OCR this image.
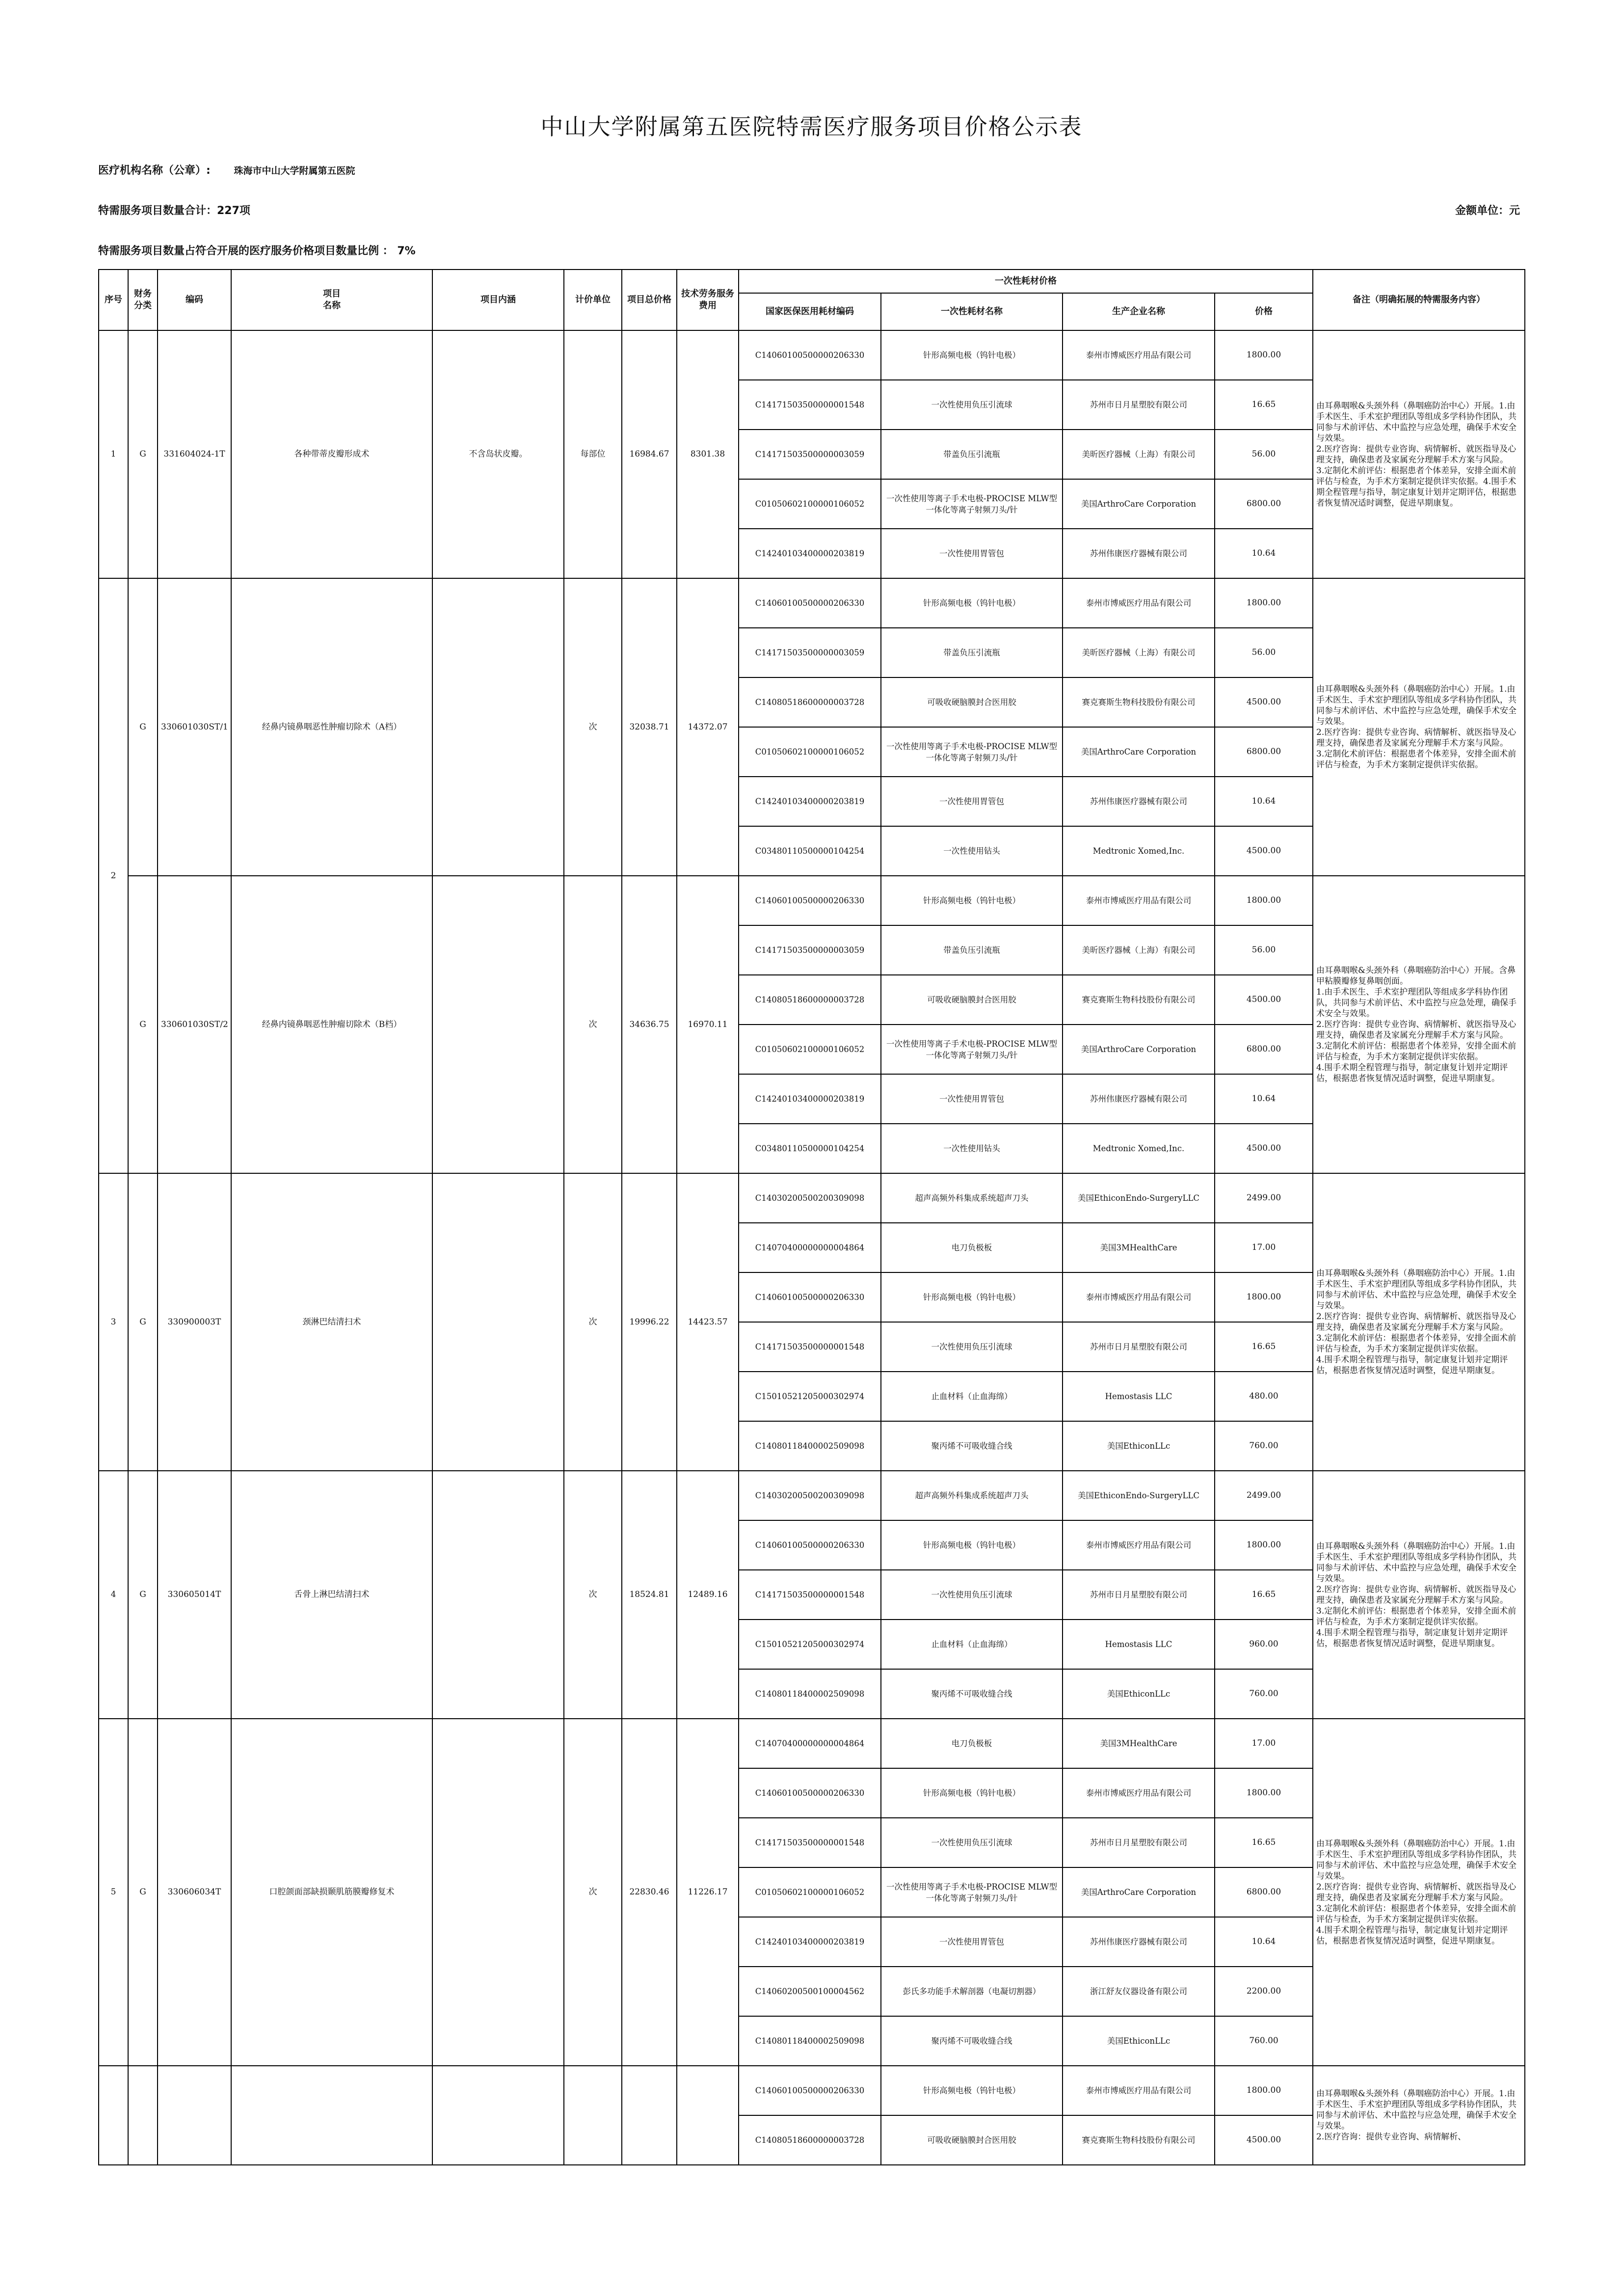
中山大学附属第五医院特需医疗服务项目价格公示表
医疗机构名称（公章）:	珠海市中山大学附属第五医院
特需服务项目数量合计：227项	金额单位：元
特需服务项目数量占符合开展的医疗服务价格项目数量比例 ： 7%
序号	财务分类	编码	项目
名称	项目内涵	计价单位	项目总价格	技术劳务服务费用	一次性耗材价格				备注（明确拓展的特需服务内容）
								国家医保医用耗材编码	一次性耗材名称	生产企业名称	价格	
1	G	331604024-1T	各种带蒂皮瓣形成术	不含岛状皮瓣。	每部位	16984.67	8301.38	C14060100500000206330	针形高频电极（钨针电极）	泰州市博威医疗用品有限公司	1800.00	由耳鼻咽喉&头颈外科（鼻咽癌防治中心）开展。1.由手术医生、手术室护理团队等组成多学科协作团队，共同参与术前评估、术中监控与应急处理，确保手术安全与效果。
2.医疗咨询：提供专业咨询、病情解析、就医指导及心理支持，确保患者及家属充分理解手术方案与风险。
3.定制化术前评估：根据患者个体差异，安排全面术前评估与检查，为手术方案制定提供详实依据。4.围手术期全程管理与指导，制定康复计划并定期评估，根据患者恢复情况适时调整，促进早期康复。

								C14171503500000001548	一次性使用负压引流球	苏州市日月星塑胶有限公司	16.65	
								C14171503500000003059	带盖负压引流瓶	美昕医疗器械（上海）有限公司	56.00	
								C01050602100000106052	一次性使用等离子手术电极-PROCISE MLW型一体化等离子射频刀头/针	美国ArthroCare Corporation	6800.00	
								C14240103400000203819	一次性使用胃管包	苏州伟康医疗器械有限公司	10.64	
2	G	330601030ST/1	经鼻内镜鼻咽恶性肿瘤切除术（A档）		次	32038.71	14372.07	C14060100500000206330	针形高频电极（钨针电极）	泰州市博威医疗用品有限公司	1800.00	由耳鼻咽喉&头颈外科（鼻咽癌防治中心）开展。1.由手术医生、手术室护理团队等组成多学科协作团队，共同参与术前评估、术中监控与应急处理，确保手术安全与效果。
2.医疗咨询：提供专业咨询、病情解析、就医指导及心理支持，确保患者及家属充分理解手术方案与风险。
3.定制化术前评估：根据患者个体差异，安排全面术前评估与检查，为手术方案制定提供详实依据。

								C14171503500000003059	带盖负压引流瓶	美昕医疗器械（上海）有限公司	56.00	
								C14080518600000003728	可吸收硬脑膜封合医用胶	赛克赛斯生物科技股份有限公司	4500.00	
								C01050602100000106052	一次性使用等离子手术电极-PROCISE MLW型一体化等离子射频刀头/针	美国ArthroCare Corporation	6800.00	
								C14240103400000203819	一次性使用胃管包	苏州伟康医疗器械有限公司	10.64	
								C03480110500000104254	一次性使用钻头	Medtronic Xomed,Inc.	4500.00	
	G	330601030ST/2	经鼻内镜鼻咽恶性肿瘤切除术（B档）		次	34636.75	16970.11	C14060100500000206330	针形高频电极（钨针电极）	泰州市博威医疗用品有限公司	1800.00	由耳鼻咽喉&头颈外科（鼻咽癌防治中心）开展。含鼻甲粘膜瓣修复鼻咽创面。
1.由手术医生、手术室护理团队等组成多学科协作团队，共同参与术前评估、术中监控与应急处理，确保手术安全与效果。
2.医疗咨询：提供专业咨询、病情解析、就医指导及心理支持，确保患者及家属充分理解手术方案与风险。
3.定制化术前评估：根据患者个体差异，安排全面术前评估与检查，为手术方案制定提供详实依据。
4.围手术期全程管理与指导，制定康复计划并定期评估，根据患者恢复情况适时调整，促进早期康复。

								C14171503500000003059	带盖负压引流瓶	美昕医疗器械（上海）有限公司	56.00	
								C14080518600000003728	可吸收硬脑膜封合医用胶	赛克赛斯生物科技股份有限公司	4500.00	
								C01050602100000106052	一次性使用等离子手术电极-PROCISE MLW型一体化等离子射频刀头/针	美国ArthroCare Corporation	6800.00	
								C14240103400000203819	一次性使用胃管包	苏州伟康医疗器械有限公司	10.64	
								C03480110500000104254	一次性使用钻头	Medtronic Xomed,Inc.	4500.00	
3	G	330900003T	颈淋巴结清扫术		次	19996.22	14423.57	C14030200500200309098	超声高频外科集成系统超声刀头	美国EthiconEndo-SurgeryLLC	2499.00	由耳鼻咽喉&头颈外科（鼻咽癌防治中心）开展。1.由手术医生、手术室护理团队等组成多学科协作团队，共同参与术前评估、术中监控与应急处理，确保手术安全与效果。
2.医疗咨询：提供专业咨询、病情解析、就医指导及心理支持，确保患者及家属充分理解手术方案与风险。
3.定制化术前评估：根据患者个体差异，安排全面术前评估与检查，为手术方案制定提供详实依据。
4.围手术期全程管理与指导，制定康复计划并定期评估，根据患者恢复情况适时调整，促进早期康复。

								C14070400000000004864	电刀负极板	美国3MHealthCare	17.00	
								C14060100500000206330	针形高频电极（钨针电极）	泰州市博威医疗用品有限公司	1800.00	
								C14171503500000001548	一次性使用负压引流球	苏州市日月星塑胶有限公司	16.65	
								C15010521205000302974	止血材料（止血海绵）	Hemostasis LLC	480.00	
								C14080118400002509098	聚丙烯不可吸收缝合线	美国EthiconLLc	760.00	
4	G	330605014T	舌骨上淋巴结清扫术		次	18524.81	12489.16	C14030200500200309098	超声高频外科集成系统超声刀头	美国EthiconEndo-SurgeryLLC	2499.00	由耳鼻咽喉&头颈外科（鼻咽癌防治中心）开展。1.由手术医生、手术室护理团队等组成多学科协作团队，共同参与术前评估、术中监控与应急处理，确保手术安全与效果。
2.医疗咨询：提供专业咨询、病情解析、就医指导及心理支持，确保患者及家属充分理解手术方案与风险。
3.定制化术前评估：根据患者个体差异，安排全面术前评估与检查，为手术方案制定提供详实依据。
4.围手术期全程管理与指导，制定康复计划并定期评估，根据患者恢复情况适时调整，促进早期康复。

								C14060100500000206330	针形高频电极（钨针电极）	泰州市博威医疗用品有限公司	1800.00	
								C14171503500000001548	一次性使用负压引流球	苏州市日月星塑胶有限公司	16.65	
								C15010521205000302974	止血材料（止血海绵）	Hemostasis LLC	960.00	
								C14080118400002509098	聚丙烯不可吸收缝合线	美国EthiconLLc	760.00	
5	G	330606034T	口腔颌面部缺损颞肌筋膜瓣修复术		次	22830.46	11226.17	C14070400000000004864	电刀负极板	美国3MHealthCare	17.00	由耳鼻咽喉&头颈外科（鼻咽癌防治中心）开展。1.由手术医生、手术室护理团队等组成多学科协作团队，共同参与术前评估、术中监控与应急处理，确保手术安全与效果。
2.医疗咨询：提供专业咨询、病情解析、就医指导及心理支持，确保患者及家属充分理解手术方案与风险。
3.定制化术前评估：根据患者个体差异，安排全面术前评估与检查，为手术方案制定提供详实依据。
4.围手术期全程管理与指导，制定康复计划并定期评估，根据患者恢复情况适时调整，促进早期康复。

								C14060100500000206330	针形高频电极（钨针电极）	泰州市博威医疗用品有限公司	1800.00	
								C14171503500000001548	一次性使用负压引流球	苏州市日月星塑胶有限公司	16.65	
								C01050602100000106052	一次性使用等离子手术电极-PROCISE MLW型一体化等离子射频刀头/针	美国ArthroCare Corporation	6800.00	
								C14240103400000203819	一次性使用胃管包	苏州伟康医疗器械有限公司	10.64	
								C14060200500100004562	彭氏多功能手术解剖器（电凝切割器）	浙江舒友仪器设备有限公司	2200.00	
								C14080118400002509098	聚丙烯不可吸收缝合线	美国EthiconLLc	760.00	
								C14060100500000206330	针形高频电极（钨针电极）	泰州市博威医疗用品有限公司	1800.00	由耳鼻咽喉&头颈外科（鼻咽癌防治中心）开展。1.由手术医生、手术室护理团队等组成多学科协作团队，共同参与术前评估、术中监控与应急处理，确保手术安全与效果。
2.医疗咨询：提供专业咨询、病情解析、

								C14080518600000003728	可吸收硬脑膜封合医用胶	赛克赛斯生物科技股份有限公司	4500.00	
